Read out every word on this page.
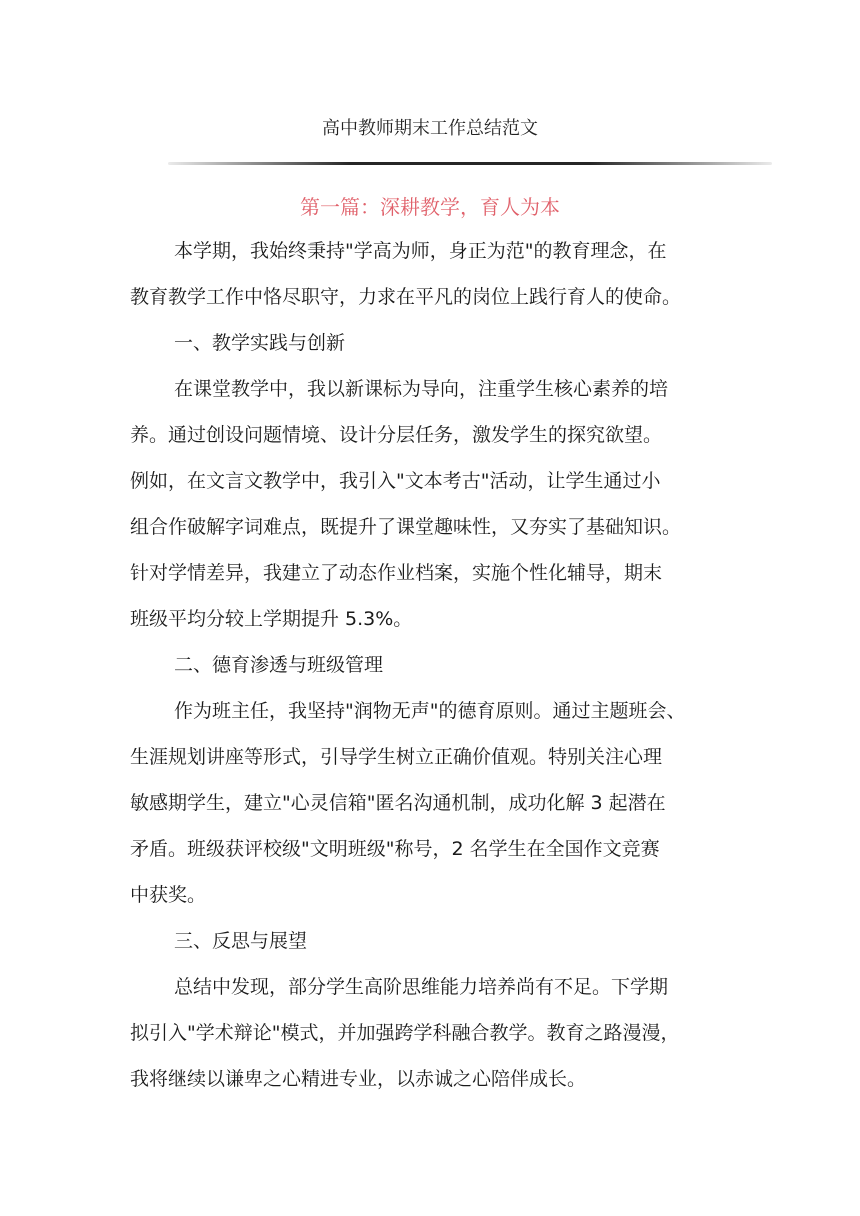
高中教师期末工作总结范文
第一篇：深耕教学，育人为本
本学期，我始终秉持"学高为师，身正为范"的教育理念，在
教育教学工作中恪尽职守，力求在平凡的岗位上践行育人的使命。
一、教学实践与创新
在课堂教学中，我以新课标为导向，注重学生核心素养的培
养。通过创设问题情境、设计分层任务，激发学生的探究欲望。
例如，在文言文教学中，我引入"文本考古"活动，让学生通过小
组合作破解字词难点，既提升了课堂趣味性，又夯实了基础知识。
针对学情差异，我建立了动态作业档案，实施个性化辅导，期末
班级平均分较上学期提升 5.3%。
二、德育渗透与班级管理
作为班主任，我坚持"润物无声"的德育原则。通过主题班会、
生涯规划讲座等形式，引导学生树立正确价值观。特别关注心理
敏感期学生，建立"心灵信箱"匿名沟通机制，成功化解 3 起潜在
矛盾。班级获评校级"文明班级"称号，2 名学生在全国作文竞赛
中获奖。
三、反思与展望
总结中发现，部分学生高阶思维能力培养尚有不足。下学期
拟引入"学术辩论"模式，并加强跨学科融合教学。教育之路漫漫，
我将继续以谦卑之心精进专业，以赤诚之心陪伴成长。
